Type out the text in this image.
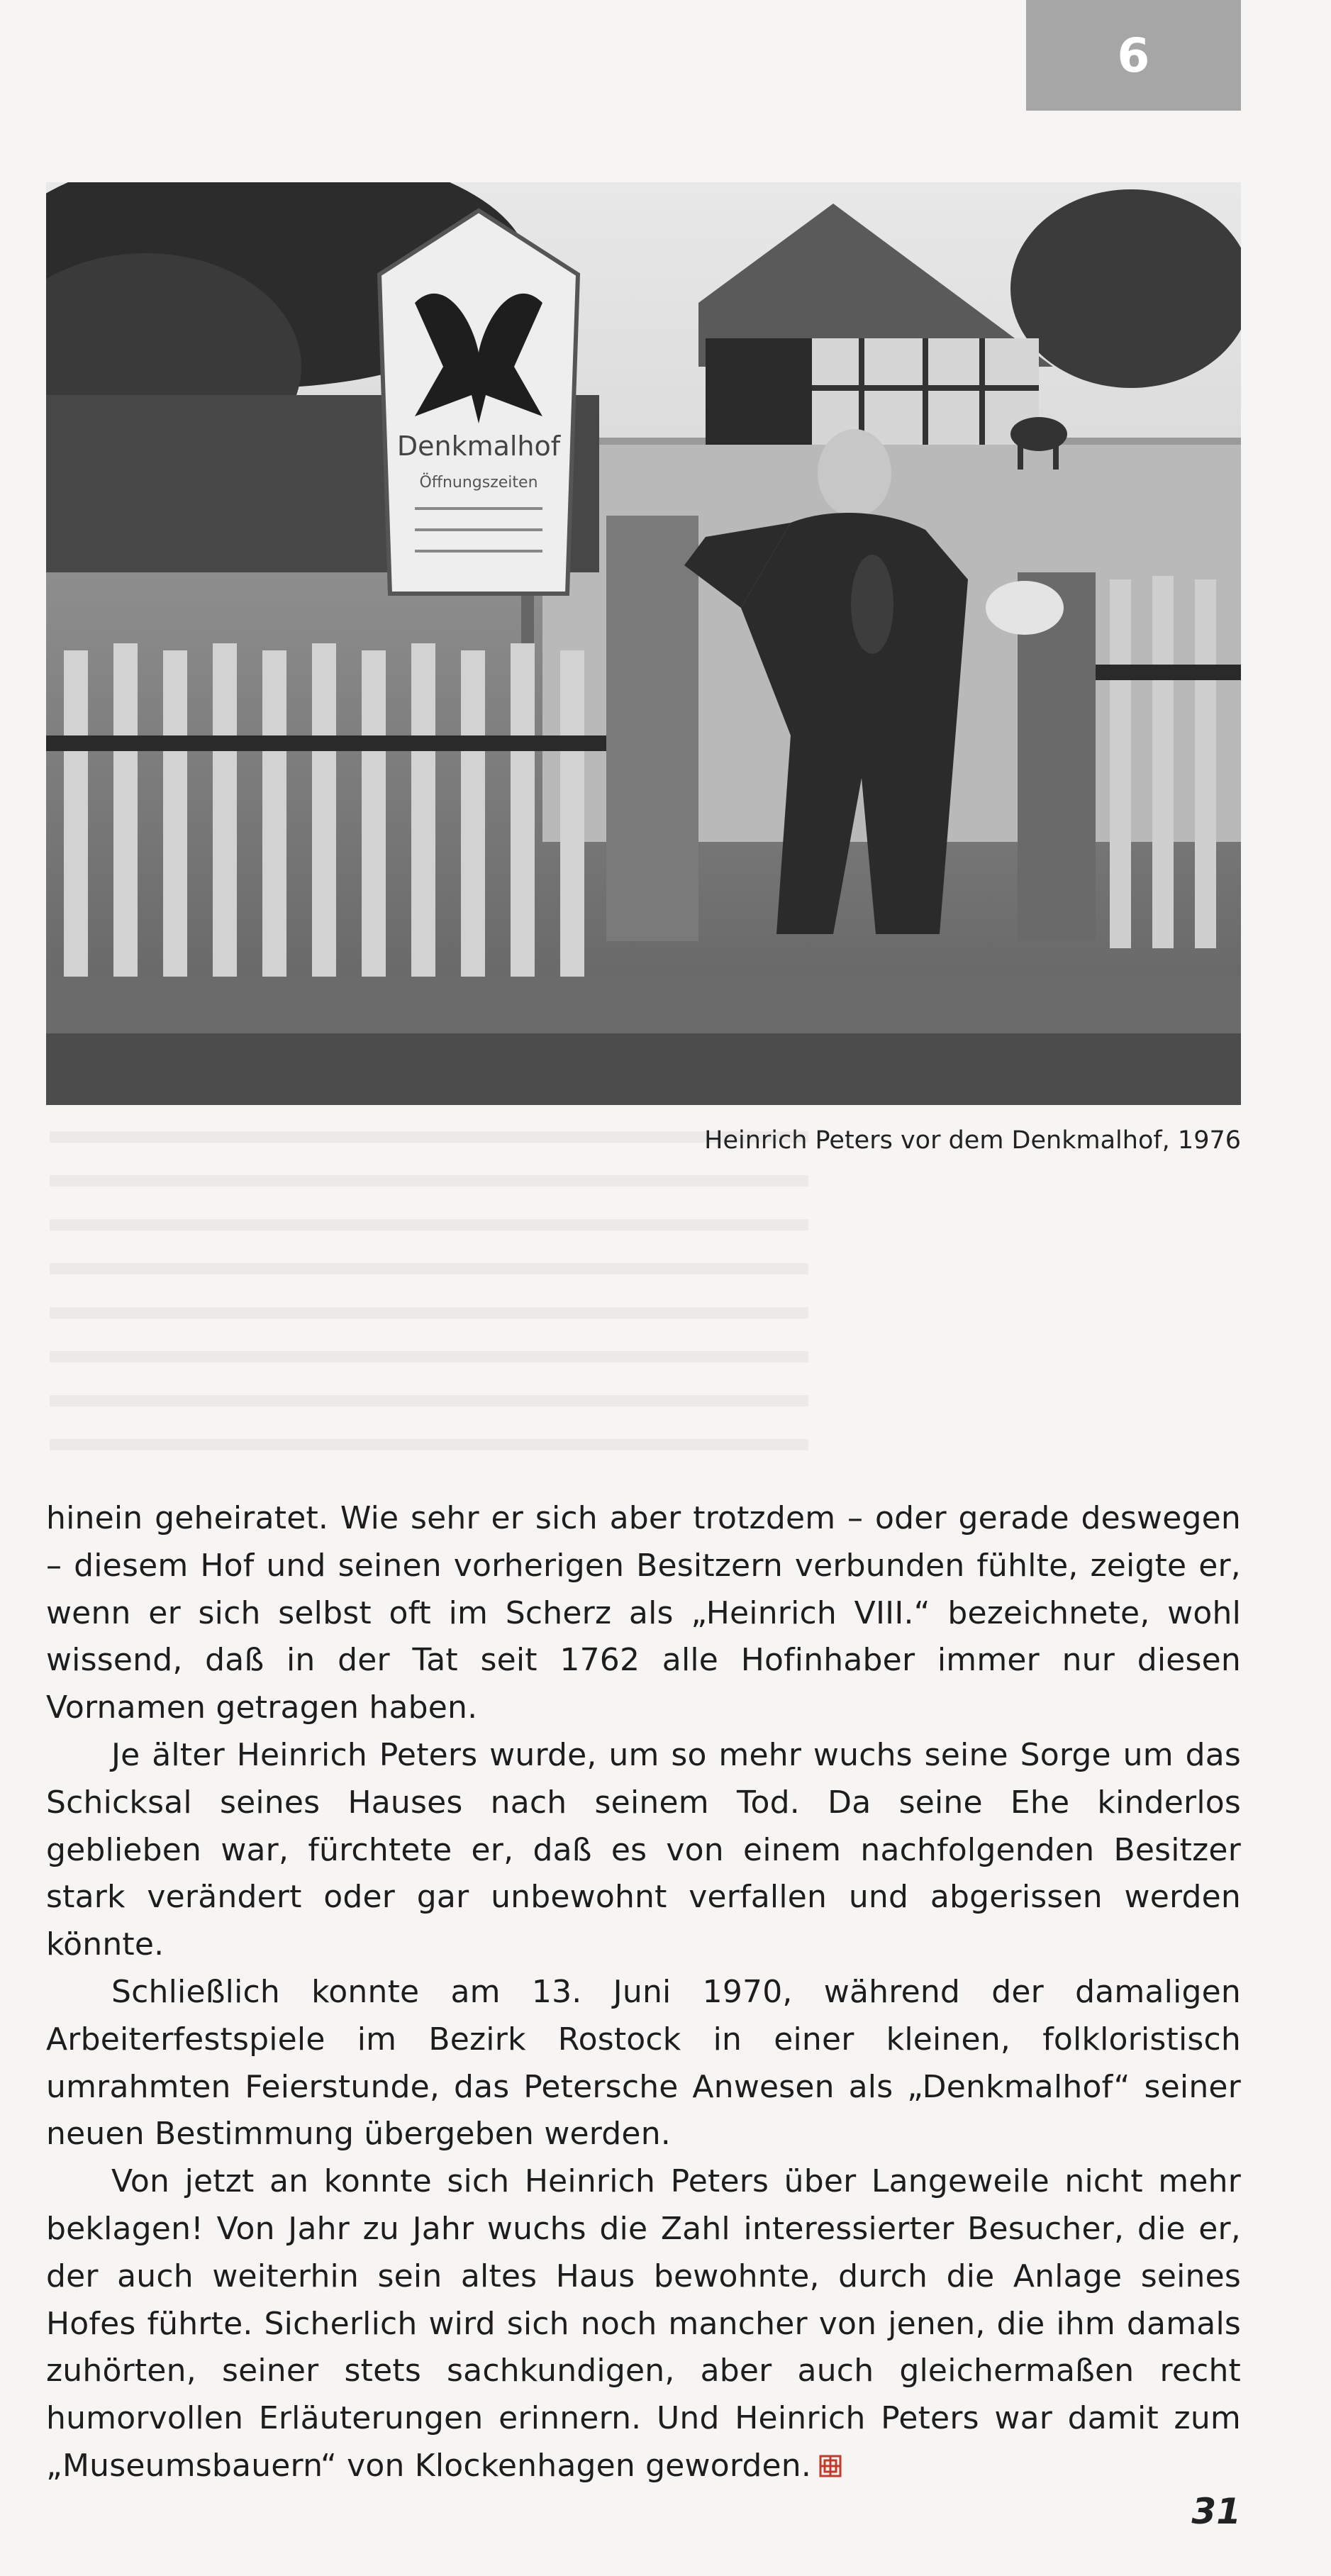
6
Denkmalhof
Öffnungszeiten
Heinrich Peters vor dem Denkmalhof, 1976

hinein geheiratet. Wie sehr er sich aber trotzdem – oder gerade deswegen – diesem Hof und seinen vorherigen Besitzern verbunden fühlte, zeigte er, wenn er sich selbst oft im Scherz als „Heinrich VIII.“ bezeichnete, wohl wissend, daß in der Tat seit 1762 alle Hofinhaber immer nur diesen Vornamen getragen haben.

Je älter Heinrich Peters wurde, um so mehr wuchs seine Sorge um das Schicksal seines Hauses nach seinem Tod. Da seine Ehe kinderlos geblieben war, fürchtete er, daß es von einem nachfolgenden Besitzer stark verändert oder gar unbewohnt verfallen und abgerissen werden könnte.

Schließlich konnte am 13. Juni 1970, während der damaligen Arbeiterfestspiele im Bezirk Rostock in einer kleinen, folkloristisch umrahmten Feierstunde, das Petersche Anwesen als „Denkmalhof“ seiner neuen Bestimmung übergeben werden.

Von jetzt an konnte sich Heinrich Peters über Langeweile nicht mehr beklagen! Von Jahr zu Jahr wuchs die Zahl interessierter Besucher, die er, der auch weiterhin sein altes Haus bewohnte, durch die Anlage seines Hofes führte. Sicherlich wird sich noch mancher von jenen, die ihm damals zuhörten, seiner stets sachkundigen, aber auch gleichermaßen recht humorvollen Erläuterungen erinnern. Und Heinrich Peters war damit zum „Museumsbauern“ von Klockenhagen geworden.

31
